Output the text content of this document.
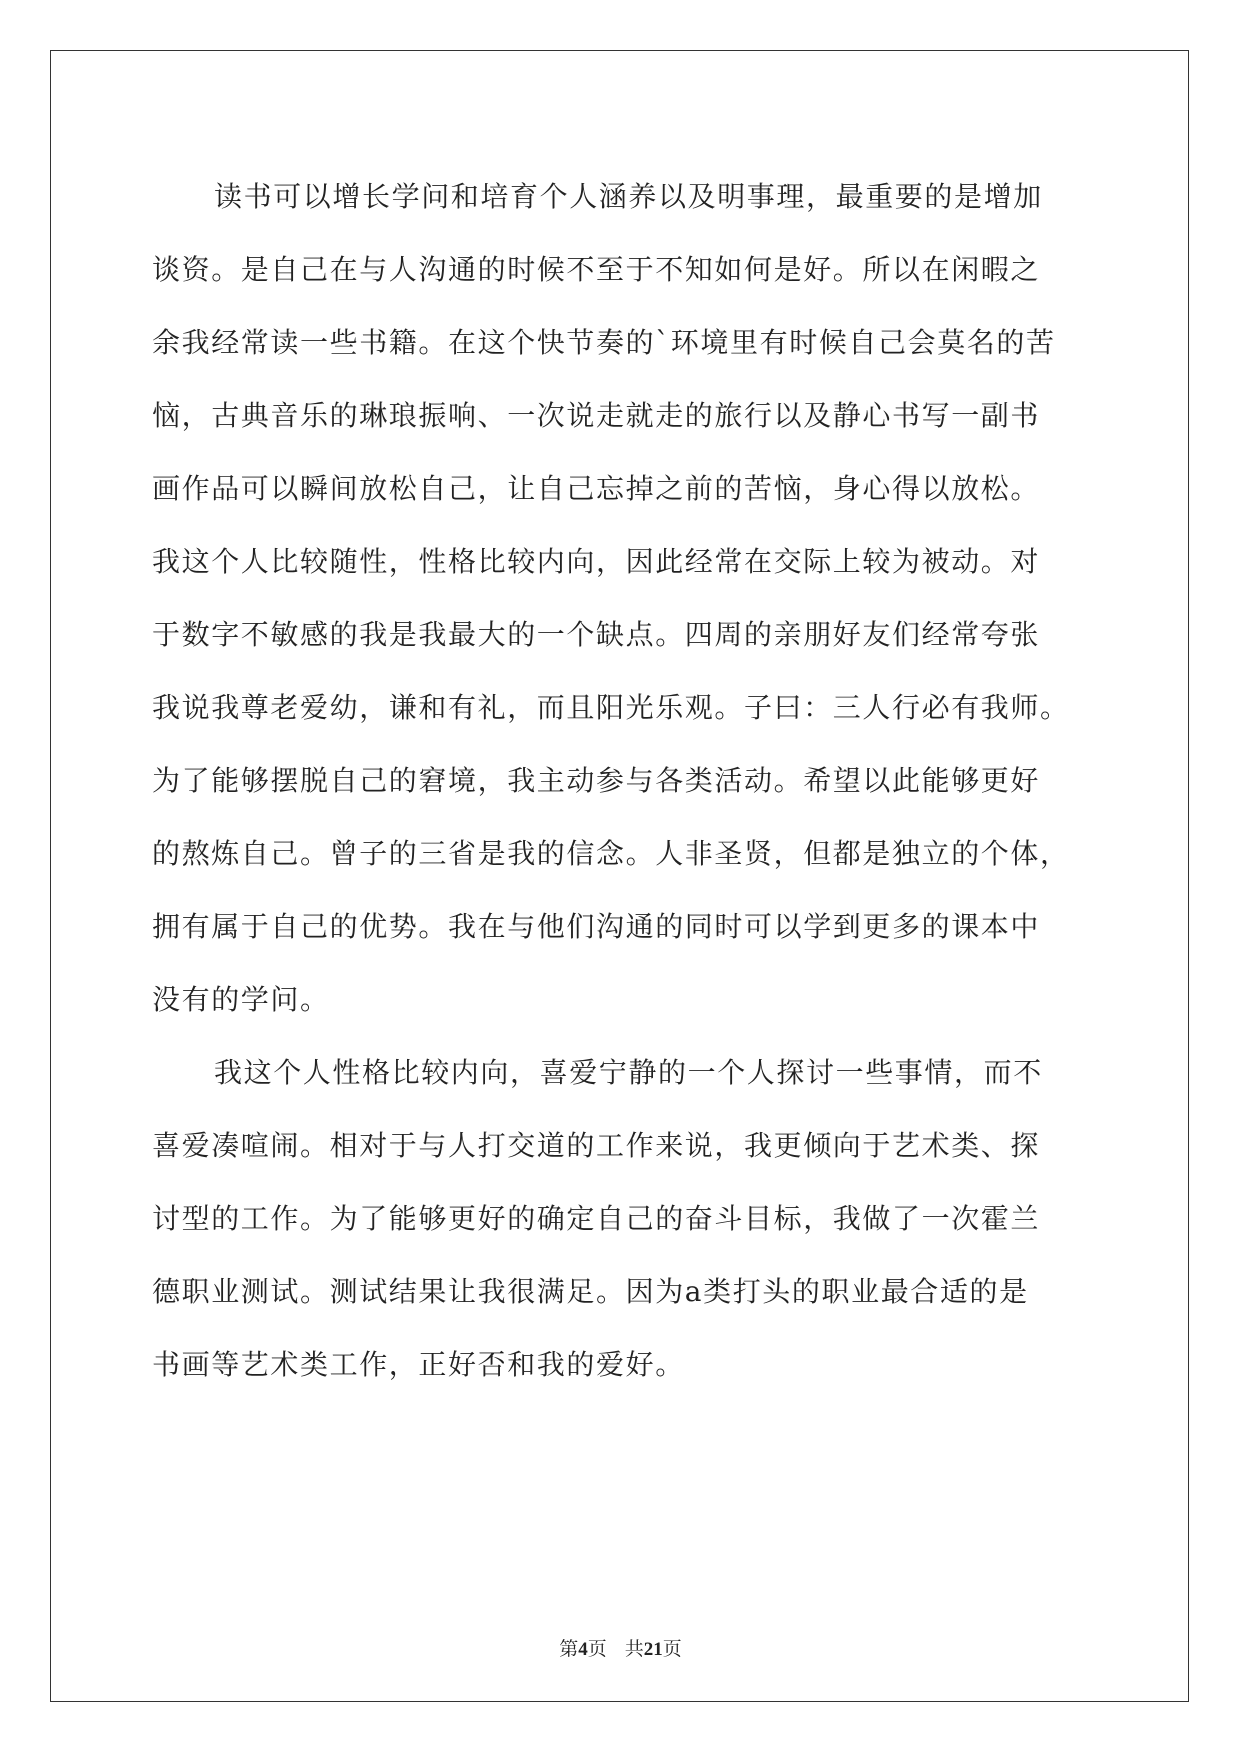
读书可以增长学问和培育个人涵养以及明事理，最重要的是增加
谈资。是自己在与人沟通的时候不至于不知如何是好。所以在闲暇之
余我经常读一些书籍。在这个快节奏的`环境里有时候自己会莫名的苦
恼，古典音乐的琳琅振响、一次说走就走的旅行以及静心书写一副书
画作品可以瞬间放松自己，让自己忘掉之前的苦恼，身心得以放松。
我这个人比较随性，性格比较内向，因此经常在交际上较为被动。对
于数字不敏感的我是我最大的一个缺点。四周的亲朋好友们经常夸张
我说我尊老爱幼，谦和有礼，而且阳光乐观。子曰：三人行必有我师。
为了能够摆脱自己的窘境，我主动参与各类活动。希望以此能够更好
的熬炼自己。曾子的三省是我的信念。人非圣贤，但都是独立的个体，
拥有属于自己的优势。我在与他们沟通的同时可以学到更多的课本中
没有的学问。

我这个人性格比较内向，喜爱宁静的一个人探讨一些事情，而不
喜爱凑喧闹。相对于与人打交道的工作来说，我更倾向于艺术类、探
讨型的工作。为了能够更好的确定自己的奋斗目标，我做了一次霍兰
德职业测试。测试结果让我很满足。因为a类打头的职业最合适的是
书画等艺术类工作，正好否和我的爱好。

第4页 共21页
